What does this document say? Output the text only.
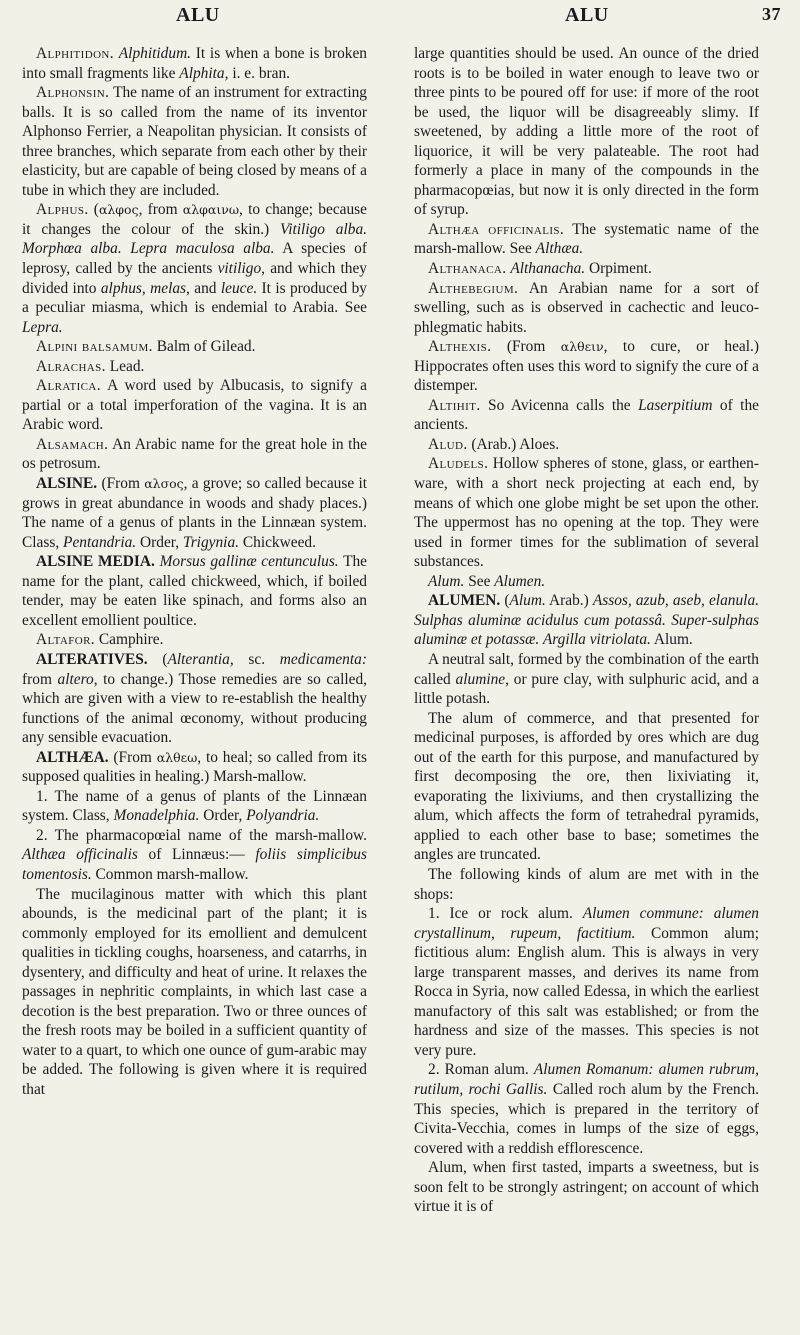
ALU	ALU	37

Alphitidon. Alphitidum. It is when a bone is broken into small fragments like Alphita, i. e. bran.

Alphonsin. The name of an instrument for extracting balls. It is so called from the name of its inventor Alphonso Ferrier, a Neapolitan physician. It consists of three branches, which separate from each other by their elasticity, but are capable of being closed by means of a tube in which they are included.

Alphus. (αλφος, from αλφαινω, to change; because it changes the colour of the skin.) Vitiligo alba. Morphœa alba. Lepra maculosa alba. A species of leprosy, called by the ancients vitiligo, and which they divided into alphus, melas, and leuce. It is produced by a peculiar miasma, which is endemial to Arabia. See Lepra.

Alpini balsamum. Balm of Gilead.

Alrachas. Lead.

Alratica. A word used by Albucasis, to signify a partial or a total imperforation of the vagina. It is an Arabic word.

Alsamach. An Arabic name for the great hole in the os petrosum.

ALSINE. (From αλσος, a grove; so called because it grows in great abundance in woods and shady places.) The name of a genus of plants in the Linnæan system. Class, Pentandria. Order, Trigynia. Chickweed.

ALSINE MEDIA. Morsus gallinæ centunculus. The name for the plant, called chickweed, which, if boiled tender, may be eaten like spinach, and forms also an excellent emollient poultice.

Altafor. Camphire.

ALTERATIVES. (Alterantia, sc. medicamenta: from altero, to change.) Those remedies are so called, which are given with a view to re-establish the healthy functions of the animal œconomy, without producing any sensible evacuation.

ALTHÆA. (From αλθεω, to heal; so called from its supposed qualities in healing.) Marsh-mallow.

1. The name of a genus of plants of the Linnæan system. Class, Monadelphia. Order, Polyandria.

2. The pharmacopœial name of the marsh-mallow. Althæa officinalis of Linnæus:— foliis simplicibus tomentosis. Common marsh-mallow.

The mucilaginous matter with which this plant abounds, is the medicinal part of the plant; it is commonly employed for its emollient and demulcent qualities in tickling coughs, hoarseness, and catarrhs, in dysentery, and difficulty and heat of urine. It relaxes the passages in nephritic complaints, in which last case a decotion is the best preparation. Two or three ounces of the fresh roots may be boiled in a sufficient quantity of water to a quart, to which one ounce of gum-arabic may be added. The following is given where it is required that

large quantities should be used. An ounce of the dried roots is to be boiled in water enough to leave two or three pints to be poured off for use: if more of the root be used, the liquor will be disagreeably slimy. If sweetened, by adding a little more of the root of liquorice, it will be very palateable. The root had formerly a place in many of the compounds in the pharmacopœias, but now it is only directed in the form of syrup.

Althæa officinalis. The systematic name of the marsh-mallow. See Althæa.

Althanaca. Althanacha. Orpiment.

Althebegium. An Arabian name for a sort of swelling, such as is observed in cachectic and leuco-phlegmatic habits.

Althexis. (From αλθειν, to cure, or heal.) Hippocrates often uses this word to signify the cure of a distemper.

Altihit. So Avicenna calls the Laserpitium of the ancients.

Alud. (Arab.) Aloes.

Aludels. Hollow spheres of stone, glass, or earthen-ware, with a short neck projecting at each end, by means of which one globe might be set upon the other. The uppermost has no opening at the top. They were used in former times for the sublimation of several substances.

Alum. See Alumen.

ALUMEN. (Alum. Arab.) Assos, azub, aseb, elanula. Sulphas aluminæ acidulus cum potassâ. Super-sulphas aluminæ et potassæ. Argilla vitriolata. Alum.

A neutral salt, formed by the combination of the earth called alumine, or pure clay, with sulphuric acid, and a little potash.

The alum of commerce, and that presented for medicinal purposes, is afforded by ores which are dug out of the earth for this purpose, and manufactured by first decomposing the ore, then lixiviating it, evaporating the lixiviums, and then crystallizing the alum, which affects the form of tetrahedral pyramids, applied to each other base to base; sometimes the angles are truncated.

The following kinds of alum are met with in the shops:

1. Ice or rock alum. Alumen commune: alumen crystallinum, rupeum, factitium. Common alum; fictitious alum: English alum. This is always in very large transparent masses, and derives its name from Rocca in Syria, now called Edessa, in which the earliest manufactory of this salt was established; or from the hardness and size of the masses. This species is not very pure.

2. Roman alum. Alumen Romanum: alumen rubrum, rutilum, rochi Gallis. Called roch alum by the French. This species, which is prepared in the territory of Civita-Vecchia, comes in lumps of the size of eggs, covered with a reddish efflorescence.

Alum, when first tasted, imparts a sweetness, but is soon felt to be strongly astringent; on account of which virtue it is of
